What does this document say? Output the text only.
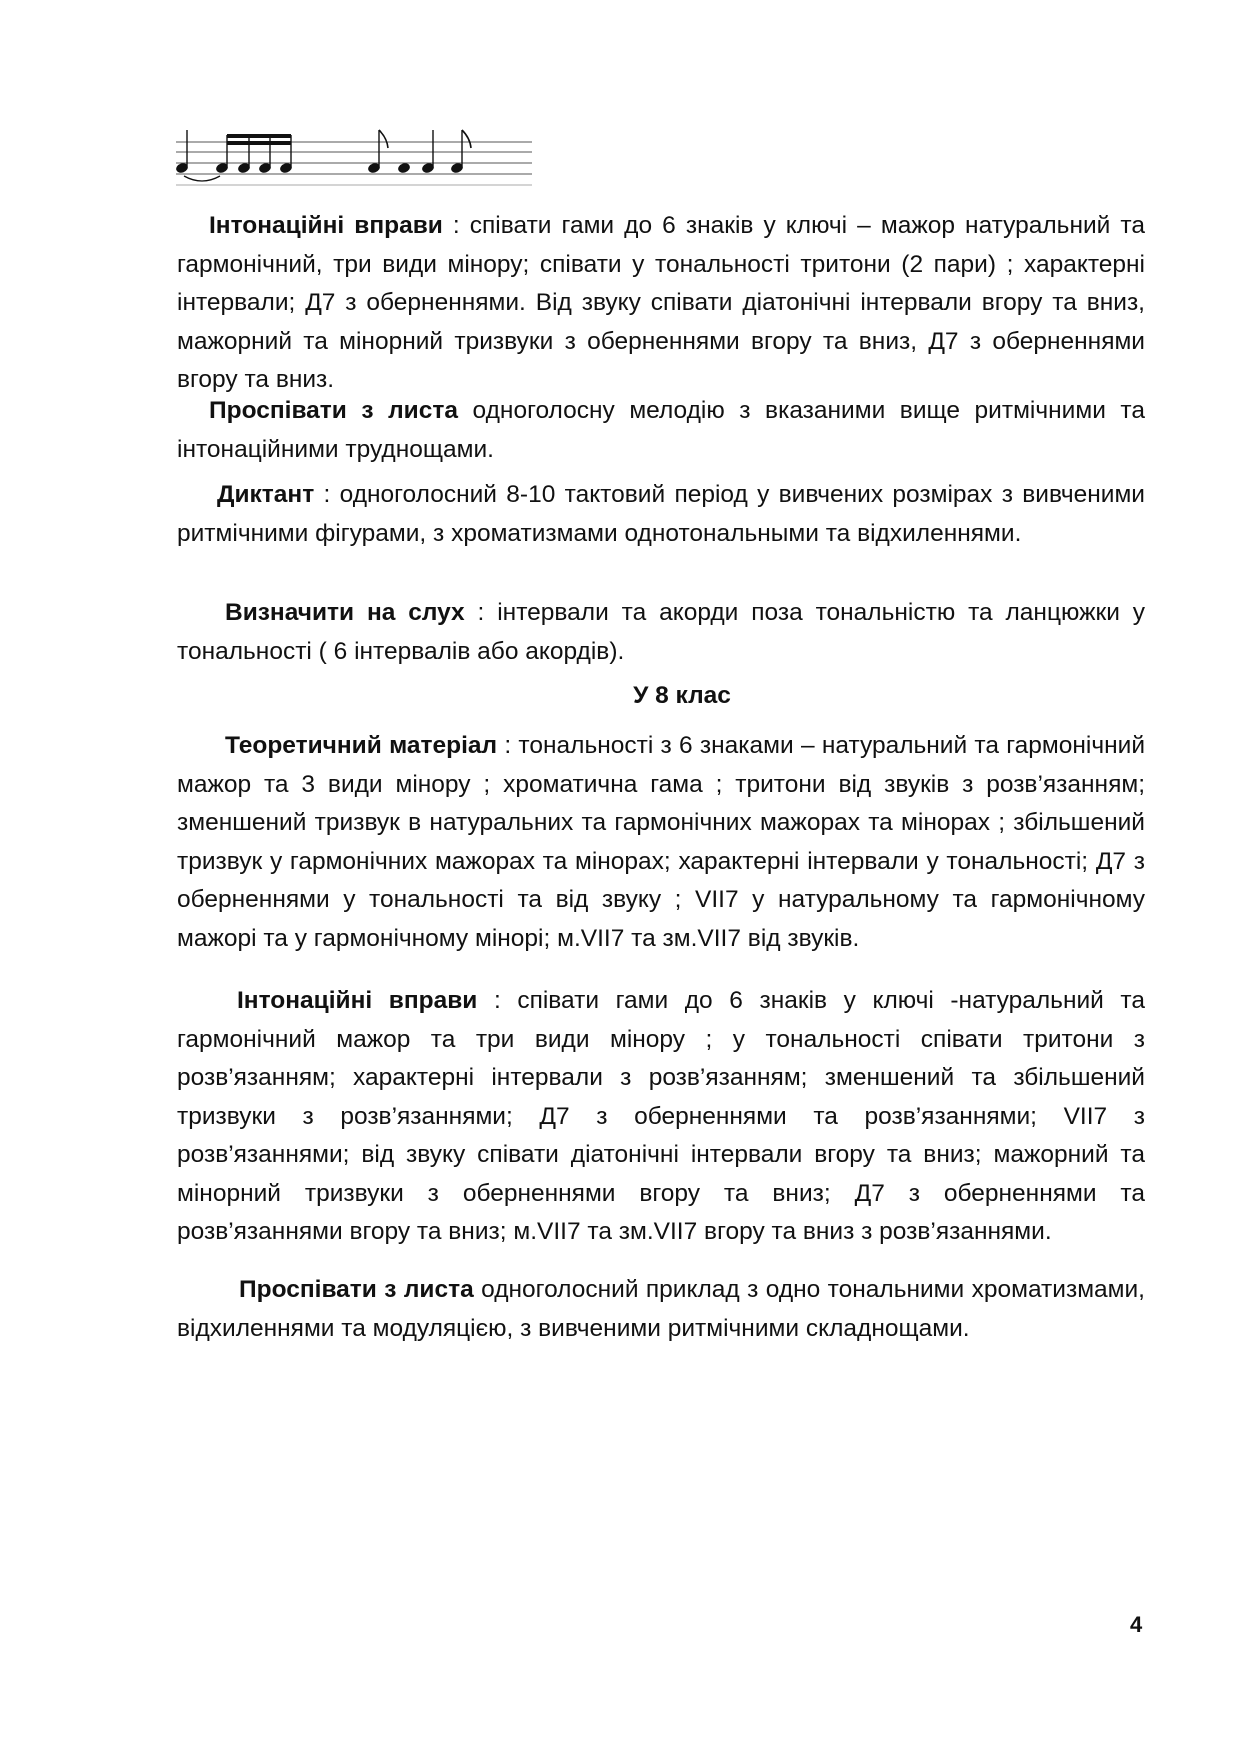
Інтонаційні вправи : співати гами до 6 знаків у ключі – мажор натуральний та гармонічний, три види мінору; співати у тональності тритони (2 пари) ; характерні інтервали; Д7 з оберненнями. Від звуку співати діатонічні інтервали вгору та вниз, мажорний та мінорний тризвуки з оберненнями вгору та вниз, Д7 з оберненнями вгору та вниз.

Проспівати з листа одноголосну мелодію з вказаними вище ритмічними та інтонаційними труднощами.

Диктант : одноголосний 8-10 тактовий період у вивчених розмірах з вивченими ритмічними фігурами, з хроматизмами однотональными та відхиленнями.

Визначити на слух : інтервали та акорди поза тональністю та ланцюжки у тональності ( 6 інтервалів або акордів).

У 8 клас

Теоретичний матеріал : тональності з 6 знаками – натуральний та гармонічний мажор та 3 види мінору ; хроматична гама ; тритони від звуків з розв’язанням; зменшений тризвук в натуральних та гармонічних мажорах та мінорах ; збільшений тризвук у гармонічних мажорах та мінорах; характерні інтервали у тональності; Д7 з оберненнями у тональності та від звуку ; VII7 у натуральному та гармонічному мажорі та у гармонічному мінорі; м.VII7 та зм.VII7 від звуків.

Інтонаційні вправи : співати гами до 6 знаків у ключі -натуральний та гармонічний мажор та три види мінору ; у тональності співати тритони з розв’язанням; характерні інтервали з розв’язанням; зменшений та збільшений тризвуки з розв’язаннями; Д7 з оберненнями та розв’язаннями; VII7 з розв’язаннями; від звуку співати діатонічні інтервали вгору та вниз; мажорний та мінорний тризвуки з оберненнями вгору та вниз; Д7 з оберненнями та розв’язаннями вгору та вниз; м.VII7 та зм.VII7 вгору та вниз з розв’язаннями.

Проспівати з листа одноголосний приклад з одно тональними хроматизмами, відхиленнями та модуляцією, з вивченими ритмічними складнощами.

4
